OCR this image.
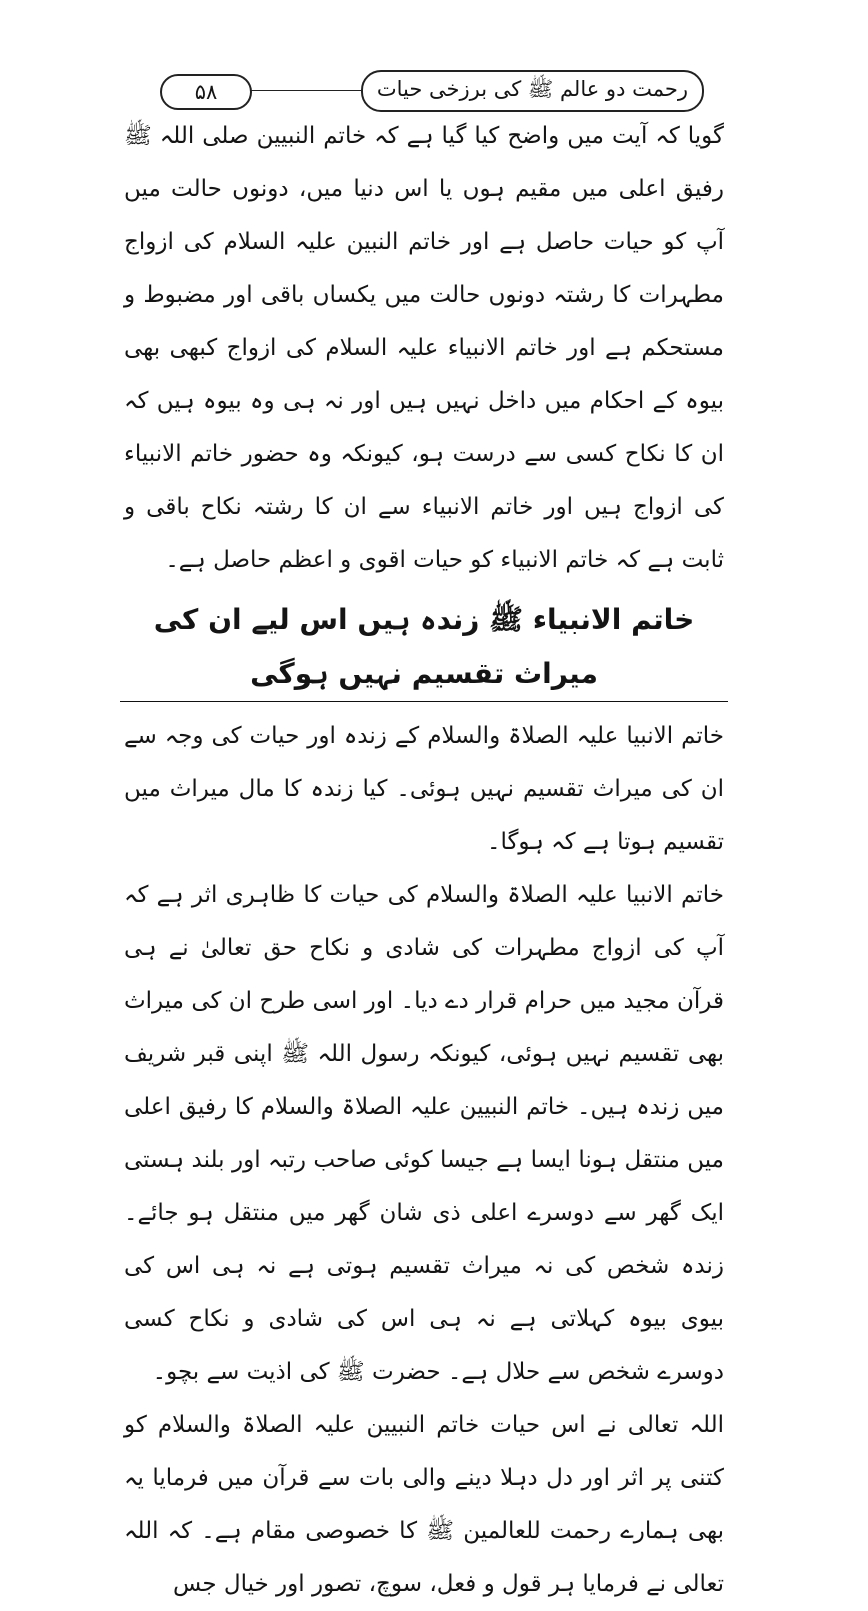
۵۸	رحمت دو عالم ﷺ کی برزخی حیات

گویا کہ آیت میں واضح کیا گیا ہے کہ خاتم النبیین صلی اللہ ﷺ رفیق اعلی میں مقیم ہوں یا اس دنیا میں، دونوں حالت میں آپ کو حیات حاصل ہے اور خاتم النبین علیہ السلام کی ازواج مطہرات کا رشتہ دونوں حالت میں یکساں باقی اور مضبوط و مستحکم ہے اور خاتم الانبیاء علیہ السلام کی ازواج کبھی بھی بیوہ کے احکام میں داخل نہیں ہیں اور نہ ہی وہ بیوہ ہیں کہ ان کا نکاح کسی سے درست ہو، کیونکہ وہ حضور خاتم الانبیاء کی ازواج ہیں اور خاتم الانبیاء سے ان کا رشتہ نکاح باقی و ثابت ہے کہ خاتم الانبیاء کو حیات اقوی و اعظم حاصل ہے۔

خاتم الانبیاء ﷺ زندہ ہیں اس لیے ان کی میراث تقسیم نہیں ہوگی

خاتم الانبیا علیہ الصلاۃ والسلام کے زندہ اور حیات کی وجہ سے ان کی میراث تقسیم نہیں ہوئی۔ کیا زندہ کا مال میراث میں تقسیم ہوتا ہے کہ ہوگا۔

خاتم الانبیا علیہ الصلاۃ والسلام کی حیات کا ظاہری اثر ہے کہ آپ کی ازواج مطہرات کی شادی و نکاح حق تعالیٰ نے ہی قرآن مجید میں حرام قرار دے دیا۔ اور اسی طرح ان کی میراث بھی تقسیم نہیں ہوئی، کیونکہ رسول اللہ ﷺ اپنی قبر شریف میں زندہ ہیں۔ خاتم النبیین علیہ الصلاۃ والسلام کا رفیق اعلی میں منتقل ہونا ایسا ہے جیسا کوئی صاحب رتبہ اور بلند ہستی ایک گھر سے دوسرے اعلی ذی شان گھر میں منتقل ہو جائے۔ زندہ شخص کی نہ میراث تقسیم ہوتی ہے نہ ہی اس کی بیوی بیوہ کہلاتی ہے نہ ہی اس کی شادی و نکاح کسی دوسرے شخص سے حلال ہے۔ حضرت ﷺ کی اذیت سے بچو۔

اللہ تعالی نے اس حیات خاتم النبیین علیہ الصلاۃ والسلام کو کتنی پر اثر اور دل دہلا دینے والی بات سے قرآن میں فرمایا یہ بھی ہمارے رحمت للعالمین ﷺ کا خصوصی مقام ہے۔ کہ اللہ تعالی نے فرمایا ہر قول و فعل، سوچ، تصور اور خیال جس
